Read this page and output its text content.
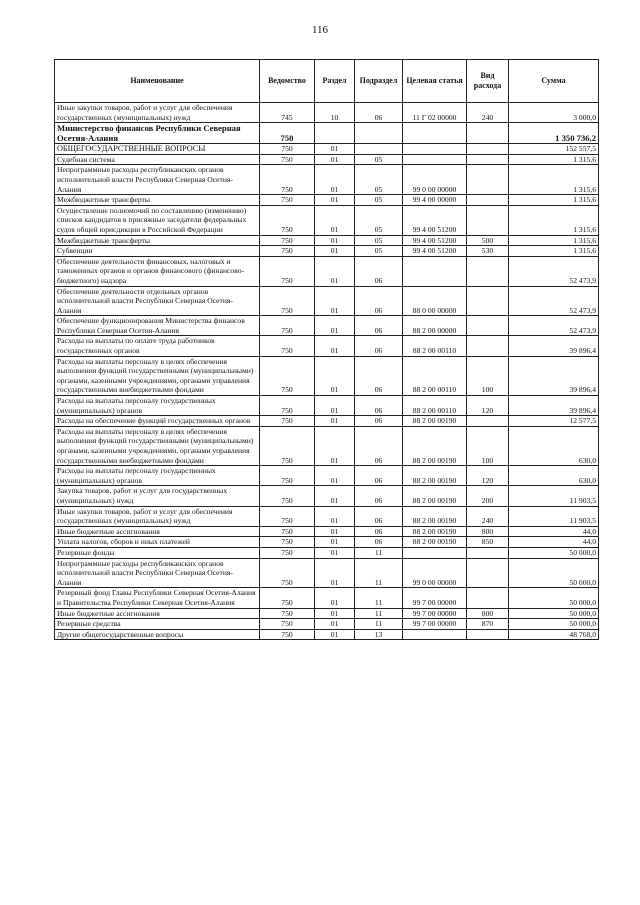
116
Наименование	Ведомство	Раздел	Подраздел	Целевая статья	Вид расхода	Сумма
Иные закупки товаров, работ и услуг для обеспечения государственных (муниципальных) нужд	745	10	06	11 Г 02 00000	240	3 000,0
Министерство финансов Республики Северная Осетия-Алания	750					1 350 736,2
ОБЩЕГОСУДАРСТВЕННЫЕ ВОПРОСЫ	750	01				152 557,5
Судебная система	750	01	05			1 315,6
Непрограммные расходы республиканских органов исполнительной власти Республики Северная Осетия-Алания	750	01	05	99 0 00 00000		1 315,6
Межбюджетные трансферты	750	01	05	99 4 00 00000		1 315,6
Осуществление полномочий по составлению (изменению) списков кандидатов в присяжные заседатели федеральных судов общей юрисдикции в Российской Федерации	750	01	05	99 4 00 51200		1 315,6
Межбюджетные трансферты	750	01	05	99 4 00 51200	500	1 315,6
Субвенции	750	01	05	99 4 00 51200	530	1 315,6
Обеспечение деятельности финансовых, налоговых и таможенных органов и органов финансового (финансово-бюджетного) надзора	750	01	06			52 473,9
Обеспечение деятельности отдельных органов исполнительной власти Республики Северная Осетия-Алания	750	01	06	88 0 00 00000		52 473,9
Обеспечение функционирования Министерства финансов Республики Северная Осетия-Алания	750	01	06	88 2 00 00000		52 473,9
Расходы на выплаты по оплате труда работников государственных органов	750	01	06	88 2 00 00110		39 896,4
Расходы на выплаты персоналу в целях обеспечения выполнения функций государственными (муниципальными) органами, казенными учреждениями, органами управления государственными внебюджетными фондами	750	01	06	88 2 00 00110	100	39 896,4
Расходы на выплаты персоналу государственных (муниципальных) органов	750	01	06	88 2 00 00110	120	39 896,4
Расходы на обеспечение функций государственных органов	750	01	06	88 2 00 00190		12 577,5
Расходы на выплаты персоналу в целях обеспечения выполнения функций государственными (муниципальными) органами, казенными учреждениями, органами управления государственными внебюджетными фондами	750	01	06	88 2 00 00190	100	630,0
Расходы на выплаты персоналу государственных (муниципальных) органов	750	01	06	88 2 00 00190	120	630,0
Закупка товаров, работ и услуг для государственных (муниципальных) нужд	750	01	06	88 2 00 00190	200	11 903,5
Иные закупки товаров, работ и услуг для обеспечения государственных (муниципальных) нужд	750	01	06	88 2 00 00190	240	11 903,5
Иные бюджетные ассигнования	750	01	06	88 2 00 00190	800	44,0
Уплата налогов, сборов и иных платежей	750	01	06	88 2 00 00190	850	44,0
Резервные фонды	750	01	11			50 000,0
Непрограммные расходы республиканских органов исполнительной власти Республики Северная Осетия-Алания	750	01	11	99 0 00 00000		50 000,0
Резервный фонд Главы Республики Северная Осетия-Алания и Правительства Республики Северная Осетия-Алания	750	01	11	99 7 00 00000		50 000,0
Иные бюджетные ассигнования	750	01	11	99 7 00 00000	800	50 000,0
Резервные средства	750	01	11	99 7 00 00000	870	50 000,0
Другие общегосударственные вопросы	750	01	13			48 768,0
